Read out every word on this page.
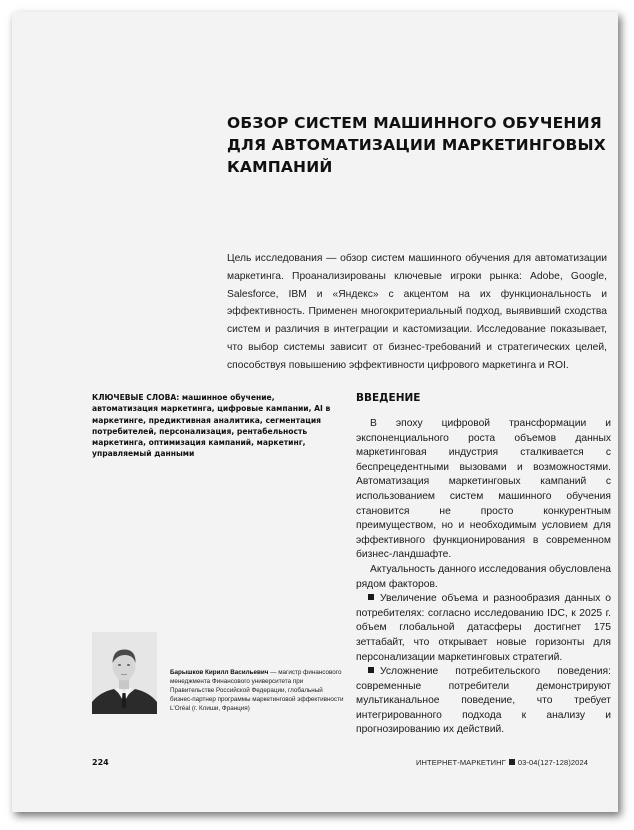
ОБЗОР СИСТЕМ МАШИННОГО ОБУЧЕНИЯ ДЛЯ АВТОМАТИЗАЦИИ МАРКЕТИНГОВЫХ КАМПАНИЙ

Цель исследования — обзор систем машинного обучения для автоматизации маркетинга. Проанализированы ключевые игроки рынка: Adobe, Google, Salesforce, IBM и «Яндекс» с акцентом на их функциональность и эффективность. Применен многокритериальный подход, выявивший сходства систем и различия в интеграции и кастомизации. Исследование показывает, что выбор системы зависит от бизнес-требований и стратегических целей, способствуя повышению эффективности цифрового маркетинга и ROI.

КЛЮЧЕВЫЕ СЛОВА: машинное обучение, автоматизация маркетинга, цифровые кампании, AI в маркетинге, предиктивная аналитика, сегментация потребителей, персонализация, рентабельность маркетинга, оптимизация кампаний, маркетинг, управляемый данными

ВВЕДЕНИЕ

В эпоху цифровой трансформации и экспоненциального роста объемов данных маркетинговая индустрия сталкивается с беспрецедентными вызовами и возможностями. Автоматизация маркетинговых кампаний с использованием систем машинного обучения становится не просто конкурентным преимуществом, но и необходимым условием для эффективного функционирования в современном бизнес-ландшафте.

Актуальность данного исследования обусловлена рядом факторов.

Увеличение объема и разнообразия данных о потребителях: согласно исследованию IDC, к 2025 г. объем глобальной датасферы достигнет 175 зеттабайт, что открывает новые горизонты для персонализации маркетинговых стратегий.

Усложнение потребительского поведения: современные потребители демонстрируют мультиканальное поведение, что требует интегрированного подхода к анализу и прогнозированию их действий.

Барышков Кирилл Васильевич — магистр финансового менеджмента Финансового университета при Правительстве Российской Федерации, глобальный бизнес-партнер программы маркетинговой эффективности L'Oréal (г. Клиши, Франция)

224	ИНТЕРНЕТ-МАРКЕТИНГ 03-04(127-128)2024
